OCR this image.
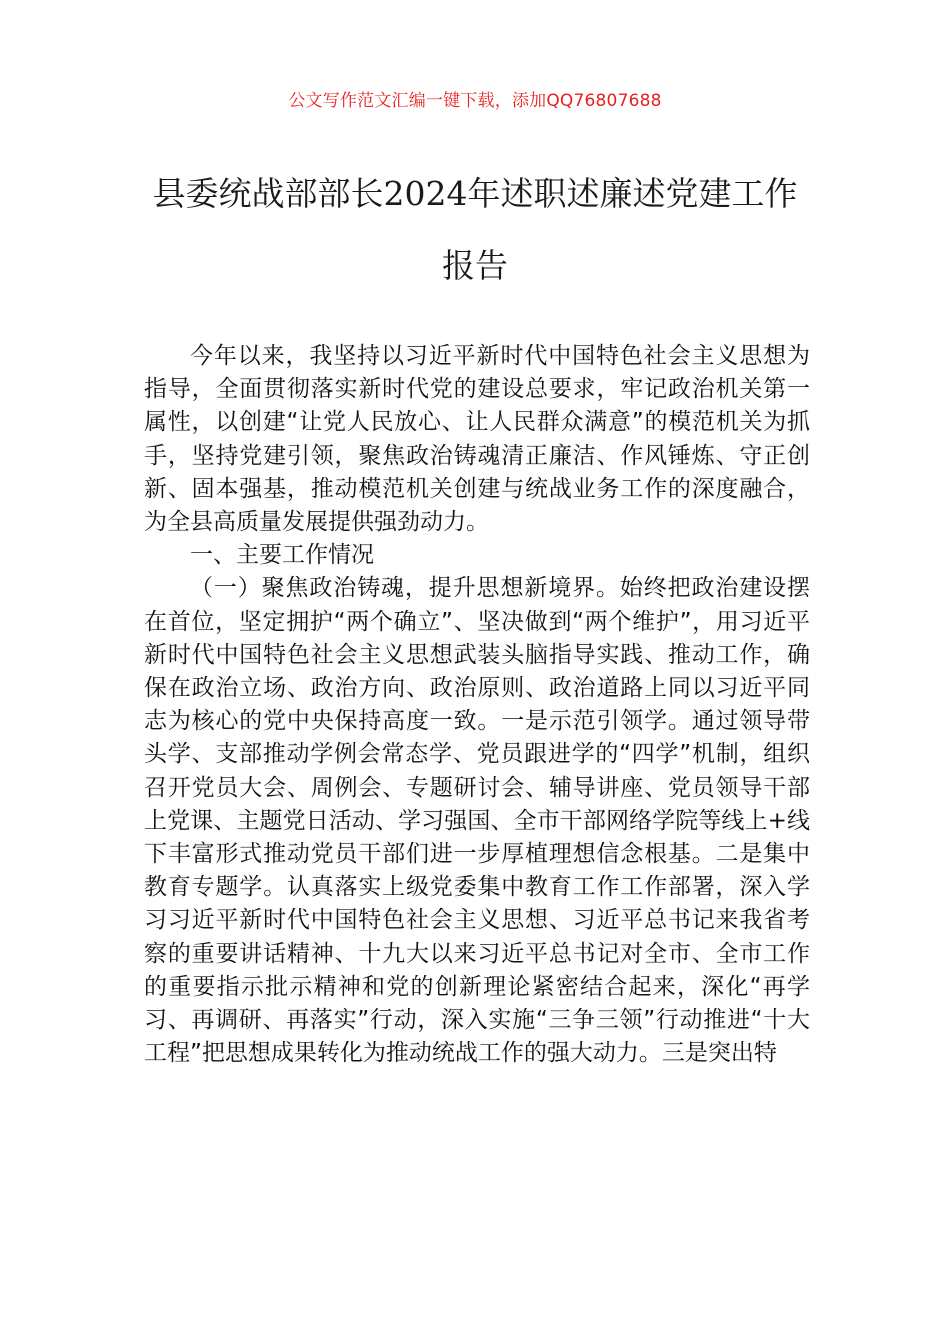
公文写作范文汇编一键下载，添加QQ76807688
县委统战部部长2024年述职述廉述党建工作报告

今年以来，我坚持以习近平新时代中国特色社会主义思想为指导，全面贯彻落实新时代党的建设总要求，牢记政治机关第一属性，以创建“让党人民放心、让人民群众满意”的模范机关为抓手，坚持党建引领，聚焦政治铸魂清正廉洁、作风锤炼、守正创新、固本强基，推动模范机关创建与统战业务工作的深度融合，为全县高质量发展提供强劲动力。

一、主要工作情况

（一）聚焦政治铸魂，提升思想新境界。始终把政治建设摆在首位，坚定拥护“两个确立”、坚决做到“两个维护”，用习近平新时代中国特色社会主义思想武装头脑指导实践、推动工作，确保在政治立场、政治方向、政治原则、政治道路上同以习近平同志为核心的党中央保持高度一致。一是示范引领学。通过领导带头学、支部推动学例会常态学、党员跟进学的“四学”机制，组织召开党员大会、周例会、专题研讨会、辅导讲座、党员领导干部上党课、主题党日活动、学习强国、全市干部网络学院等线上+线下丰富形式推动党员干部们进一步厚植理想信念根基。二是集中教育专题学。认真落实上级党委集中教育工作工作部署，深入学习习近平新时代中国特色社会主义思想、习近平总书记来我省考察的重要讲话精神、十九大以来习近平总书记对全市、全市工作的重要指示批示精神和党的创新理论紧密结合起来，深化“再学习、再调研、再落实”行动，深入实施“三争三领”行动推进“十大工程”把思想成果转化为推动统战工作的强大动力。三是突出特
